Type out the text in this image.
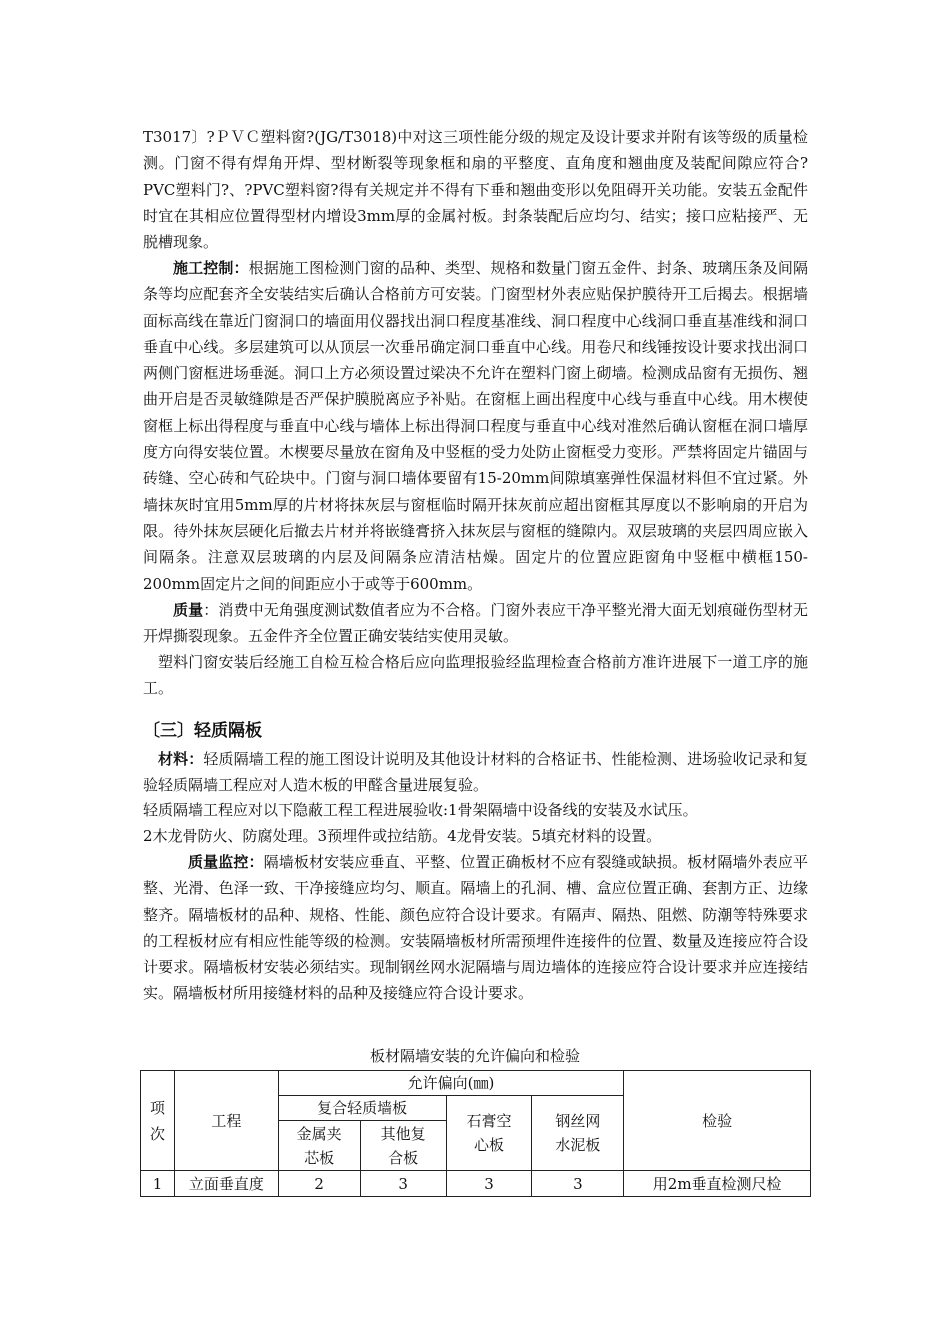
T3017〕?ＰＶＣ塑料窗?(JG/T3018)中对这三项性能分级的规定及设计要求并附有该等级的质量检测。门窗不得有焊角开焊、型材断裂等现象框和扇的平整度、直角度和翘曲度及装配间隙应符合?PVC塑料门?、?PVC塑料窗?得有关规定并不得有下垂和翘曲变形以免阻碍开关功能。安装五金配件时宜在其相应位置得型材内增设3mm厚的金属衬板。封条装配后应均匀、结实；接口应粘接严、无脱槽现象。

施工控制：根据施工图检测门窗的品种、类型、规格和数量门窗五金件、封条、玻璃压条及间隔条等均应配套齐全安装结实后确认合格前方可安装。门窗型材外表应贴保护膜待开工后揭去。根据墙面标高线在靠近门窗洞口的墙面用仪器找出洞口程度基准线、洞口程度中心线洞口垂直基准线和洞口垂直中心线。多层建筑可以从顶层一次垂吊确定洞口垂直中心线。用卷尺和线锤按设计要求找出洞口两侧门窗框进场垂涎。洞口上方必须设置过梁决不允许在塑料门窗上砌墙。检测成品窗有无损伤、翘曲开启是否灵敏缝隙是否严保护膜脱离应予补贴。在窗框上画出程度中心线与垂直中心线。用木楔使窗框上标出得程度与垂直中心线与墙体上标出得洞口程度与垂直中心线对准然后确认窗框在洞口墙厚度方向得安装位置。木楔要尽量放在窗角及中竖框的受力处防止窗框受力变形。严禁将固定片锚固与砖缝、空心砖和气砼块中。门窗与洞口墙体要留有15-20mm间隙填塞弹性保温材料但不宜过紧。外墙抹灰时宜用5mm厚的片材将抹灰层与窗框临时隔开抹灰前应超出窗框其厚度以不影响扇的开启为限。待外抹灰层硬化后撤去片材并将嵌缝膏挤入抹灰层与窗框的缝隙内。双层玻璃的夹层四周应嵌入间隔条。注意双层玻璃的内层及间隔条应清洁枯燥。固定片的位置应距窗角中竖框中横框150-200mm固定片之间的间距应小于或等于600mm。

质量：消费中无角强度测试数值者应为不合格。门窗外表应干净平整光滑大面无划痕碰伤型材无开焊撕裂现象。五金件齐全位置正确安装结实使用灵敏。

塑料门窗安装后经施工自检互检合格后应向监理报验经监理检查合格前方准许进展下一道工序的施工。

〔三〕轻质隔板

材料：轻质隔墙工程的施工图设计说明及其他设计材料的合格证书、性能检测、进场验收记录和复验轻质隔墙工程应对人造木板的甲醛含量进展复验。

轻质隔墙工程应对以下隐蔽工程工程进展验收:1骨架隔墙中设备线的安装及水试压。

2木龙骨防火、防腐处理。3预埋件或拉结筋。4龙骨安装。5填充材料的设置。

质量监控：隔墙板材安装应垂直、平整、位置正确板材不应有裂缝或缺损。板材隔墙外表应平整、光滑、色泽一致、干净接缝应均匀、顺直。隔墙上的孔洞、槽、盒应位置正确、套割方正、边缘整齐。隔墙板材的品种、规格、性能、颜色应符合设计要求。有隔声、隔热、阻燃、防潮等特殊要求的工程板材应有相应性能等级的检测。安装隔墙板材所需预埋件连接件的位置、数量及连接应符合设计要求。隔墙板材安装必须结实。现制钢丝网水泥隔墙与周边墙体的连接应符合设计要求并应连接结实。隔墙板材所用接缝材料的品种及接缝应符合设计要求。

板材隔墙安装的允许偏向和检验
项次	工程	允许偏向(㎜)				检验
		复合轻质墙板		石膏空心板	钢丝网水泥板	
		金属夹芯板	其他复合板			
1	立面垂直度	2	3	3	3	用2m垂直检测尺检
